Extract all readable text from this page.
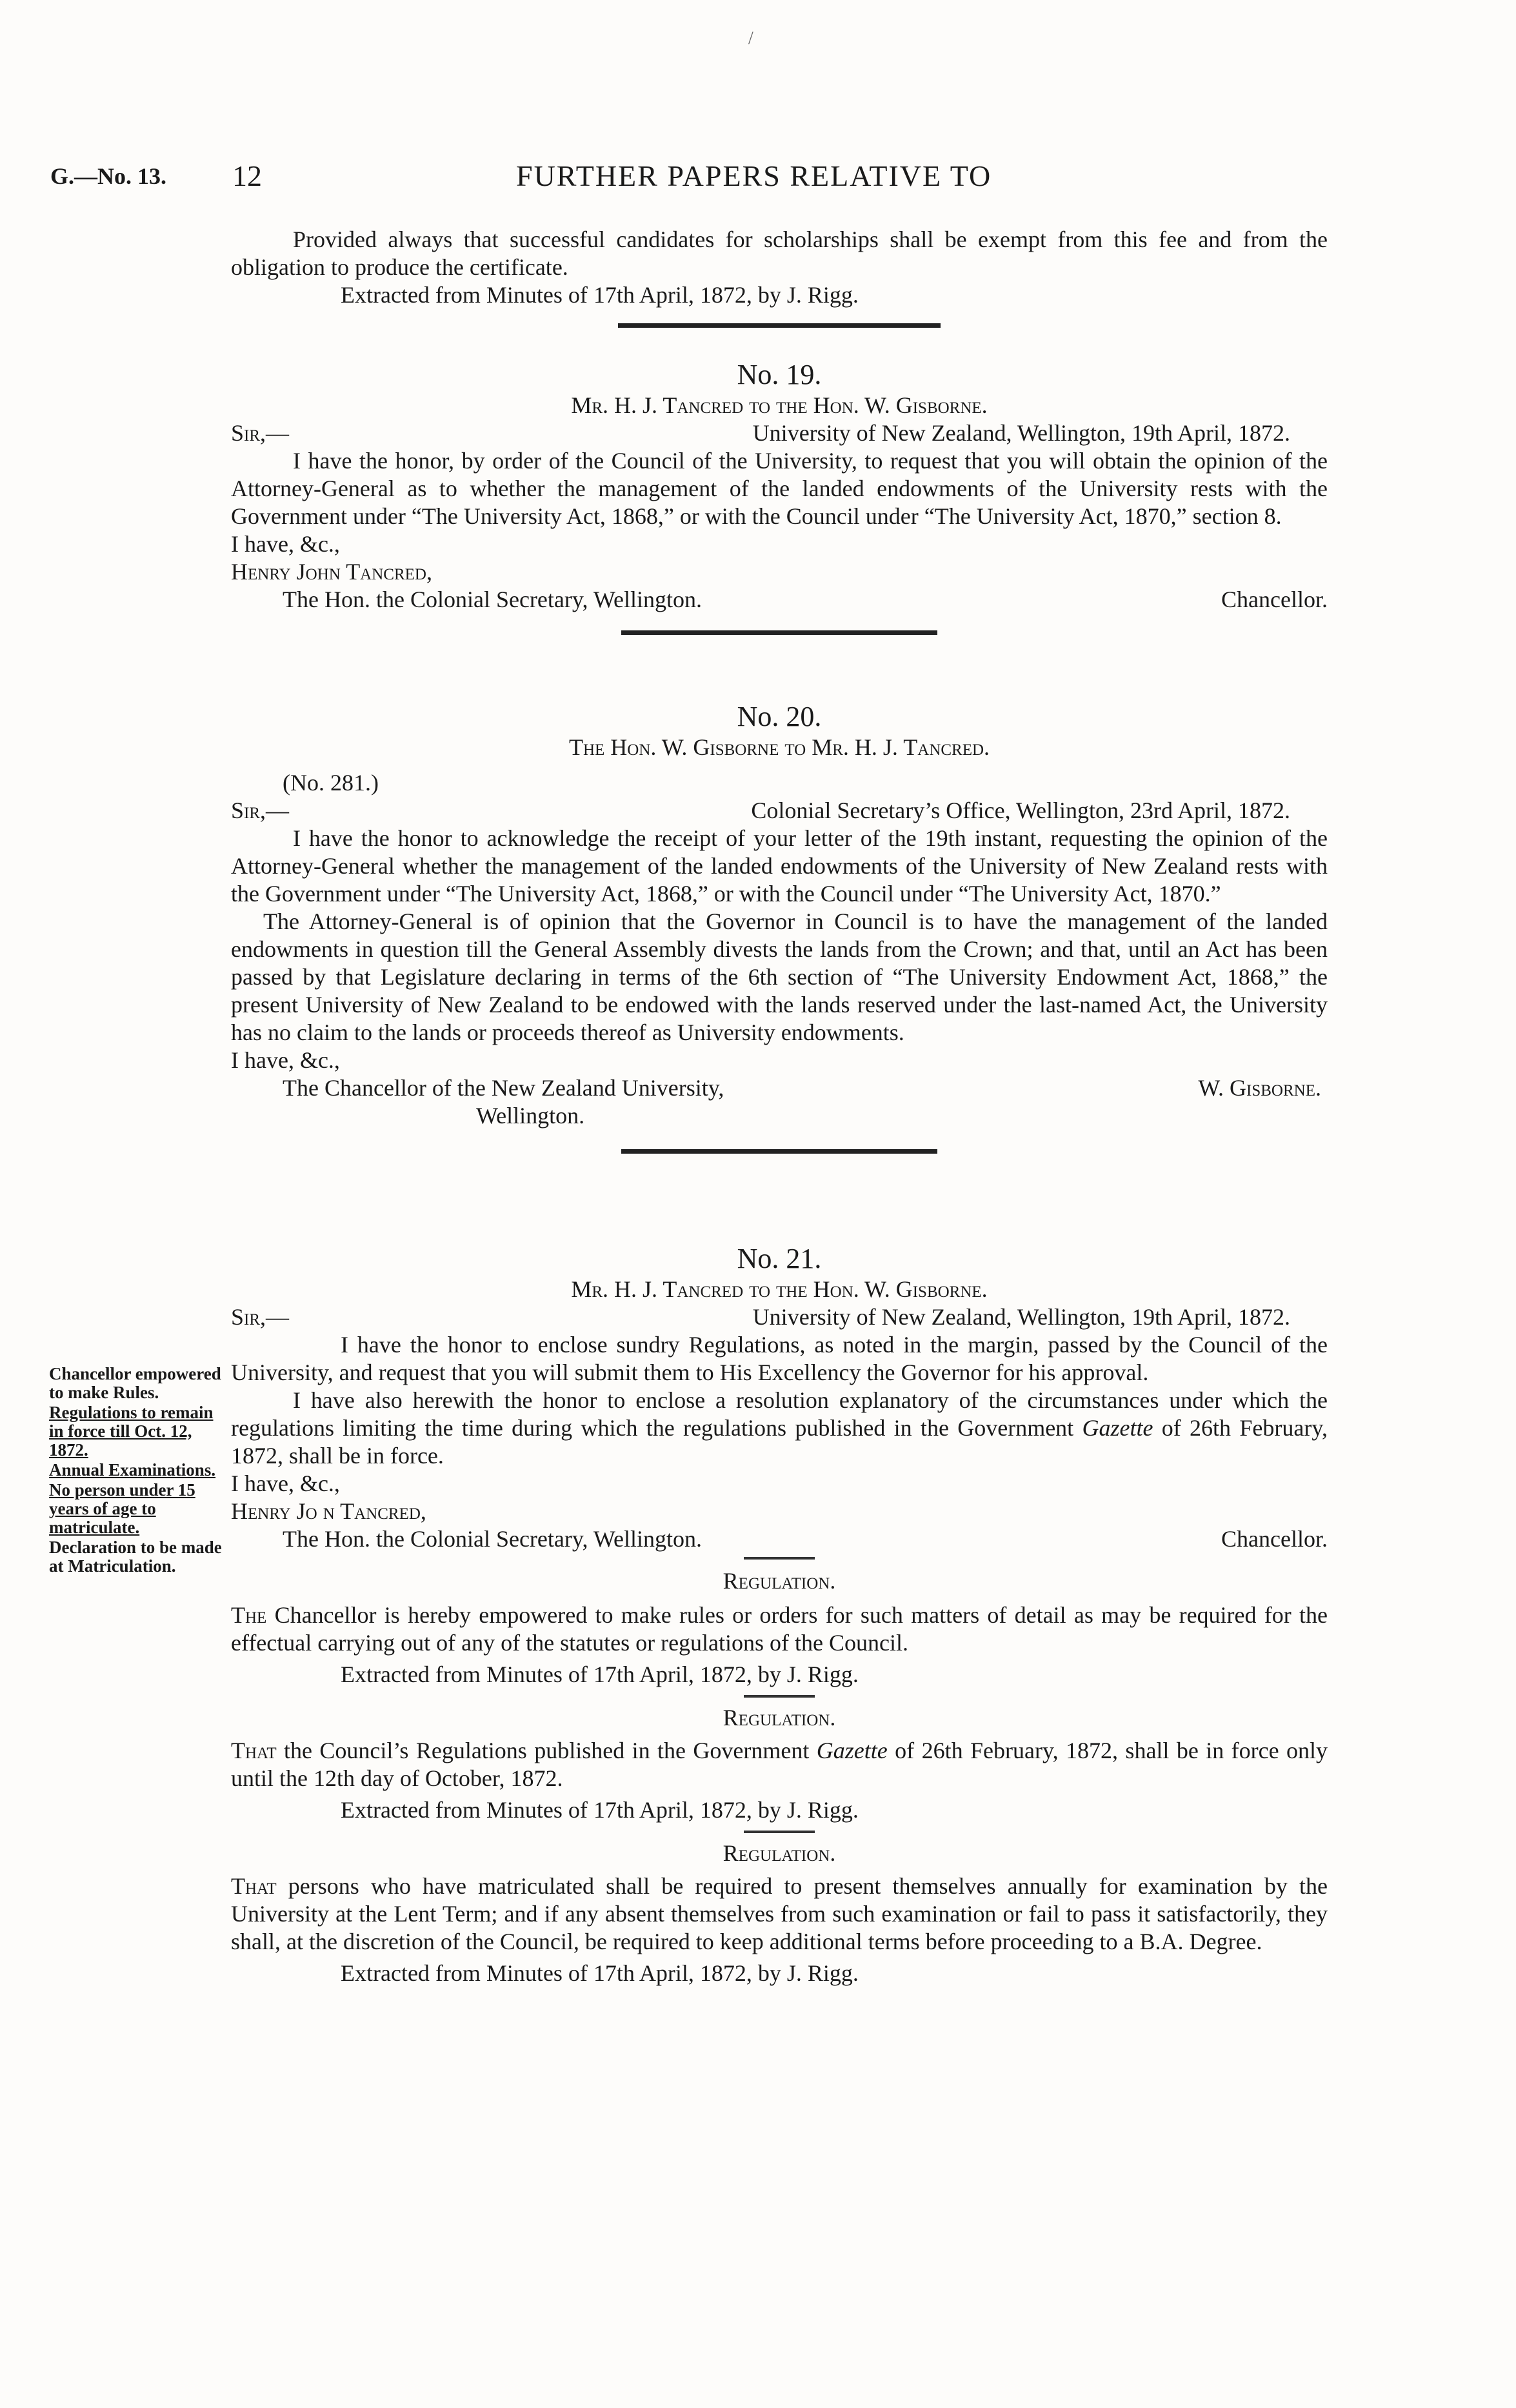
/
G.—No. 13. 12	FURTHER PAPERS RELATIVE TO

Provided always that successful candidates for scholarships shall be exempt from this fee and from the obligation to produce the certificate.

Extracted from Minutes of 17th April, 1872, by J. Rigg.

No. 19.

Mr. H. J. Tancred to the Hon. W. Gisborne.

Sir,—	University of New Zealand, Wellington, 19th April, 1872.

I have the honor, by order of the Council of the University, to request that you will obtain the opinion of the Attorney-General as to whether the management of the landed endowments of the University rests with the Government under “The University Act, 1868,” or with the Council under “The University Act, 1870,” section 8.

I have, &c.,

Henry John Tancred,

The Hon. the Colonial Secretary, Wellington.	Chancellor.
No. 20.

The Hon. W. Gisborne to Mr. H. J. Tancred.

(No. 281.)

Sir,—	Colonial Secretary’s Office, Wellington, 23rd April, 1872.

I have the honor to acknowledge the receipt of your letter of the 19th instant, requesting the opinion of the Attorney-General whether the management of the landed endowments of the University of New Zealand rests with the Government under “The University Act, 1868,” or with the Council under “The University Act, 1870.”

The Attorney-General is of opinion that the Governor in Council is to have the management of the landed endowments in question till the General Assembly divests the lands from the Crown; and that, until an Act has been passed by that Legislature declaring in terms of the 6th section of “The University Endowment Act, 1868,” the present University of New Zealand to be endowed with the lands reserved under the last-named Act, the University has no claim to the lands or proceeds thereof as University endowments.

I have, &c.,

The Chancellor of the New Zealand University,	W. Gisborne.

Wellington.

No. 21.

Mr. H. J. Tancred to the Hon. W. Gisborne.

Sir,—	University of New Zealand, Wellington, 19th April, 1872.

I have the honor to enclose sundry Regulations, as noted in the margin, passed by the Council of the University, and request that you will submit them to His Excellency the Governor for his approval.

I have also herewith the honor to enclose a resolution explanatory of the circumstances under which the regulations limiting the time during which the regulations published in the Government Gazette of 26th February, 1872, shall be in force.

I have, &c.,

Henry Jo n Tancred,

The Hon. the Colonial Secretary, Wellington.	Chancellor.

Regulation.

The Chancellor is hereby empowered to make rules or orders for such matters of detail as may be required for the effectual carrying out of any of the statutes or regulations of the Council.

Extracted from Minutes of 17th April, 1872, by J. Rigg.

Regulation.

That the Council’s Regulations published in the Government Gazette of 26th February, 1872, shall be in force only until the 12th day of October, 1872.

Extracted from Minutes of 17th April, 1872, by J. Rigg.

Regulation.

That persons who have matriculated shall be required to present themselves annually for examination by the University at the Lent Term; and if any absent themselves from such examination or fail to pass it satisfactorily, they shall, at the discretion of the Council, be required to keep additional terms before proceeding to a B.A. Degree.

Extracted from Minutes of 17th April, 1872, by J. Rigg.

Chancellor empowered to make Rules.
Regulations to remain in force till Oct. 12, 1872.
Annual Examinations.
No person under 15 years of age to matriculate.
Declaration to be made at Matriculation.
